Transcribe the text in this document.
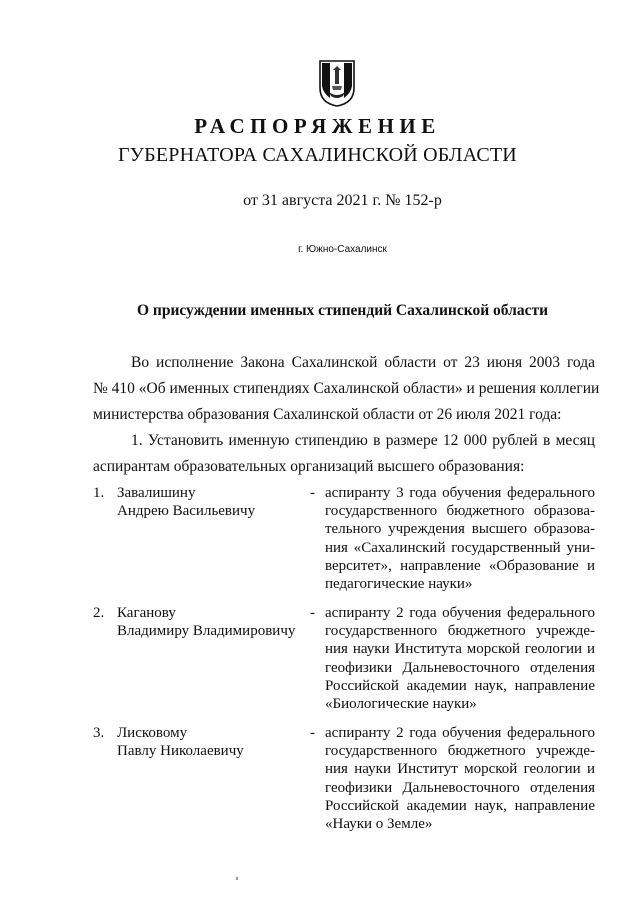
РАСПОРЯЖЕНИЕ
ГУБЕРНАТОРА САХАЛИНСКОЙ ОБЛАСТИ
от 31 августа 2021 г. № 152-р
г. Южно-Сахалинск
О присуждении именных стипендий Сахалинской области
Во исполнение Закона Сахалинской области от 23 июня 2003 года
№ 410 «Об именных стипендиях Сахалинской области» и решения коллегии
министерства образования Сахалинской области от 26 июля 2021 года:
1. Установить именную стипендию в размере 12 000 рублей в месяц
аспирантам образовательных организаций высшего образования:
1. Завалишину
Андрею Васильевичу
- аспиранту 3 года обучения федерального
государственного бюджетного образова-
тельного учреждения высшего образова-
ния «Сахалинский государственный уни-
верситет», направление «Образование и
педагогические науки»
2. Каганову
Владимиру Владимировичу
- аспиранту 2 года обучения федерального
государственного бюджетного учрежде-
ния науки Института морской геологии и
геофизики Дальневосточного отделения
Российской академии наук, направление
«Биологические науки»
3. Лисковому
Павлу Николаевичу
- аспиранту 2 года обучения федерального
государственного бюджетного учрежде-
ния науки Институт морской геологии и
геофизики Дальневосточного отделения
Российской академии наук, направление
«Науки о Земле»
